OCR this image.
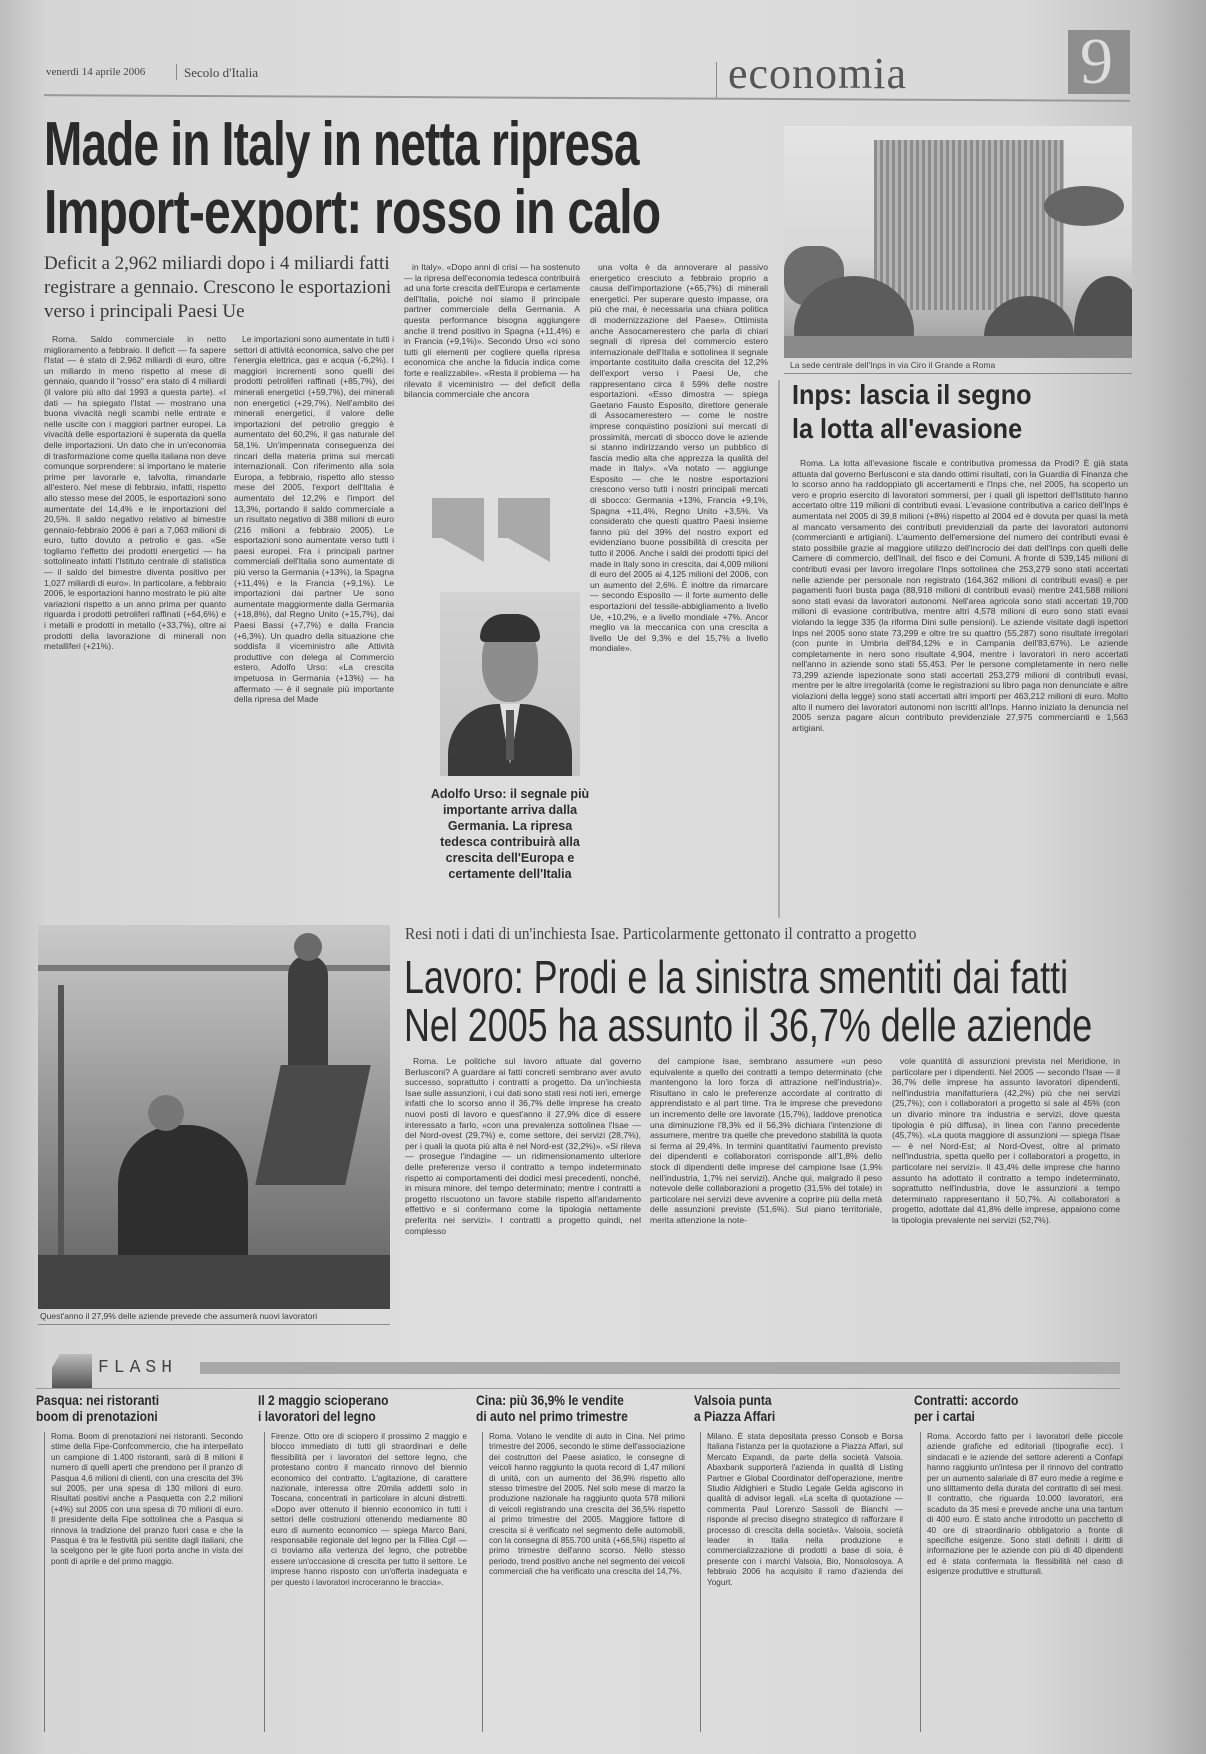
venerdì 14 aprile 2006	Secolo d'Italia	economia	9
Made in Italy in netta ripresa
Import-export: rosso in calo
Deficit a 2,962 miliardi dopo i 4 miliardi fatti registrare a gennaio. Crescono le esportazioni verso i principali Paesi Ue

Roma. Saldo commerciale in netto miglioramento a febbraio. Il deficit — fa sapere l'Istat — è stato di 2,962 miliardi di euro, oltre un miliardo in meno rispetto al mese di gennaio, quando il "rosso" era stato di 4 miliardi (il valore più alto dal 1993 a questa parte). «I dati — ha spiegato l'Istat — mostrano una buona vivacità negli scambi nelle entrate e nelle uscite con i maggiori partner europei. La vivacità delle esportazioni è superata da quella delle importazioni. Un dato che in un'economia di trasformazione come quella italiana non deve comunque sorprendere: si importano le materie prime per lavorarle e, talvolta, rimandarle all'estero. Nel mese di febbraio, infatti, rispetto allo stesso mese del 2005, le esportazioni sono aumentate del 14,4% e le importazioni del 20,5%. Il saldo negativo relativo al bimestre gennaio-febbraio 2006 è pari a 7,063 milioni di euro, tutto dovuto a petrolio e gas. «Se togliamo l'effetto dei prodotti energetici — ha sottolineato infatti l'Istituto centrale di statistica — il saldo del bimestre diventa positivo per 1,027 miliardi di euro». In particolare, a febbraio 2006, le esportazioni hanno mostrato le più alte variazioni rispetto a un anno prima per quanto riguarda i prodotti petroliferi raffinati (+64,6%) e i metalli e prodotti in metallo (+33,7%), oltre ai prodotti della lavorazione di minerali non metalliferi (+21%).

Le importazioni sono aumentate in tutti i settori di attività economica, salvo che per l'energia elettrica, gas e acqua (-6,2%). I maggiori incrementi sono quelli dei prodotti petroliferi raffinati (+85,7%), dei minerali energetici (+59,7%), dei minerali non energetici (+29,7%). Nell'ambito dei minerali energetici, il valore delle importazioni del petrolio greggio è aumentato del 60,2%, il gas naturale del 58,1%. Un'impennata conseguenza dei rincari della materia prima sui mercati internazionali. Con riferimento alla sola Europa, a febbraio, rispetto allo stesso mese del 2005, l'export dell'Italia è aumentato del 12,2% e l'import del 13,3%, portando il saldo commerciale a un risultato negativo di 388 milioni di euro (216 milioni a febbraio 2005). Le esportazioni sono aumentate verso tutti i paesi europei. Fra i principali partner commerciali dell'Italia sono aumentate di più verso la Germania (+13%), la Spagna (+11,4%) e la Francia (+9,1%). Le importazioni dai partner Ue sono aumentate maggiormente dalla Germania (+18,8%), dal Regno Unito (+15,7%), dai Paesi Bassi (+7,7%) e dalla Francia (+6,3%). Un quadro della situazione che soddisfa il viceministro alle Attività produttive con delega al Commercio estero, Adolfo Urso: «La crescita impetuosa in Germania (+13%) — ha affermato — è il segnale più importante della ripresa del Made

in Italy». «Dopo anni di crisi — ha sostenuto — la ripresa dell'economia tedesca contribuirà ad una forte crescita dell'Europa e certamente dell'Italia, poiché noi siamo il principale partner commerciale della Germania. A questa performance bisogna aggiungere anche il trend positivo in Spagna (+11,4%) e in Francia (+9,1%)». Secondo Urso «ci sono tutti gli elementi per cogliere quella ripresa economica che anche la fiducia indica come forte e realizzabile». «Resta il problema — ha rilevato il viceministro — del deficit della bilancia commerciale che ancora

una volta è da annoverare al passivo energetico cresciuto a febbraio proprio a causa dell'importazione (+65,7%) di minerali energetici. Per superare questo impasse, ora più che mai, è necessaria una chiara politica di modernizzazione del Paese». Ottimista anche Assocamerestero che parla di chiari segnali di ripresa del commercio estero internazionale dell'Italia e sottolinea il segnale importante costituito dalla crescita del 12,2% dell'export verso i Paesi Ue, che rappresentano circa il 59% delle nostre esportazioni. «Esso dimostra — spiega Gaetano Fausto Esposito, direttore generale di Assocamerestero — come le nostre imprese conquistino posizioni sui mercati di prossimità, mercati di sbocco dove le aziende si stanno indirizzando verso un pubblico di fascia medio alta che apprezza la qualità del made in Italy». «Va notato — aggiunge Esposito — che le nostre esportazioni crescono verso tutti i nostri principali mercati di sbocco: Germania +13%, Francia +9,1%, Spagna +11,4%, Regno Unito +3,5%. Va considerato che questi quattro Paesi insieme fanno più del 39% del nostro export ed evidenziano buone possibilità di crescita per tutto il 2006. Anche i saldi dei prodotti tipici del made in Italy sono in crescita, dai 4,009 milioni di euro del 2005 ai 4,125 milioni del 2006, con un aumento del 2,6%. È inoltre da rimarcare — secondo Esposito — il forte aumento delle esportazioni del tessile-abbigliamento a livello Ue, +10,2%, e a livello mondiale +7%. Ancor meglio va la meccanica con una crescita a livello Ue del 9,3% e del 15,7% a livello mondiale».

Adolfo Urso: il segnale più importante arriva dalla Germania. La ripresa tedesca contribuirà alla crescita dell'Europa e certamente dell'Italia
La sede centrale dell'Inps in via Ciro il Grande a Roma
Inps: lascia il segno
la lotta all'evasione

Roma. La lotta all'evasione fiscale e contributiva promessa da Prodi? È già stata attuata dal governo Berlusconi e sta dando ottimi risultati, con la Guardia di Finanza che lo scorso anno ha raddoppiato gli accertamenti e l'Inps che, nel 2005, ha scoperto un vero e proprio esercito di lavoratori sommersi, per i quali gli ispettori dell'Istituto hanno accertato oltre 119 milioni di contributi evasi. L'evasione contributiva a carico dell'Inps è aumentata nel 2005 di 39,8 milioni (+8%) rispetto al 2004 ed è dovuta per quasi la metà al mancato versamento dei contributi previdenziali da parte dei lavoratori autonomi (commercianti e artigiani). L'aumento dell'emersione del numero dei contributi evasi è stato possibile grazie al maggiore utilizzo dell'incrocio dei dati dell'Inps con quelli delle Camere di commercio, dell'Inail, del fisco e dei Comuni. A fronte di 539,145 milioni di contributi evasi per lavoro irregolare l'Inps sottolinea che 253,279 sono stati accertati nelle aziende per personale non registrato (164,362 milioni di contributi evasi) e per pagamenti fuori busta paga (88,918 milioni di contributi evasi) mentre 241,588 milioni sono stati evasi da lavoratori autonomi. Nell'area agricola sono stati accertati 19,700 milioni di evasione contributiva, mentre altri 4,578 milioni di euro sono stati evasi violando la legge 335 (la riforma Dini sulle pensioni). Le aziende visitate dagli ispettori Inps nel 2005 sono state 73,299 e oltre tre su quattro (55,287) sono risultate irregolari (con punte in Umbria dell'84,12% e in Campania dell'83,67%). Le aziende completamente in nero sono risultate 4,904, mentre i lavoratori in nero accertati nell'anno in aziende sono stati 55,453. Per le persone completamente in nero nelle 73,299 aziende ispezionate sono stati accertati 253,279 milioni di contributi evasi, mentre per le altre irregolarità (come le registrazioni su libro paga non denunciate e altre violazioni della legge) sono stati accertati altri importi per 463,212 milioni di euro. Molto alto il numero dei lavoratori autonomi non iscritti all'Inps. Hanno iniziato la denuncia nel 2005 senza pagare alcun contributo previdenziale 27,975 commercianti e 1,563 artigiani.

Quest'anno il 27,9% delle aziende prevede che assumerà nuovi lavoratori
Resi noti i dati di un'inchiesta Isae. Particolarmente gettonato il contratto a progetto
Lavoro: Prodi e la sinistra smentiti dai fatti
Nel 2005 ha assunto il 36,7% delle aziende

Roma. Le politiche sul lavoro attuate dal governo Berlusconi? A guardare ai fatti concreti sembrano aver avuto successo, soprattutto i contratti a progetto. Da un'inchiesta Isae sulle assunzioni, i cui dati sono stati resi noti ieri, emerge infatti che lo scorso anno il 36,7% delle imprese ha creato nuovi posti di lavoro e quest'anno il 27,9% dice di essere interessato a farlo, «con una prevalenza sottolinea l'Isae — del Nord-ovest (29,7%) e, come settore, dei servizi (28,7%), per i quali la quota più alta è nel Nord-est (32,2%)». «Si rileva — prosegue l'indagine — un ridimensionamento ulteriore delle preferenze verso il contratto a tempo indeterminato rispetto ai comportamenti dei dodici mesi precedenti, nonché, in misura minore, del tempo determinato; mentre i contratti a progetto riscuotono un favore stabile rispetto all'andamento effettivo e si confermano come la tipologia nettamente preferita nei servizi». I contratti a progetto quindi, nel complesso

del campione Isae, sembrano assumere «un peso equivalente a quello dei contratti a tempo determinato (che mantengono la loro forza di attrazione nell'industria)». Risultano in calo le preferenze accordate al contratto di apprendistato e al part time. Tra le imprese che prevedono un incremento delle ore lavorate (15,7%), laddove prenotica una diminuzione l'8,3% ed il 56,3% dichiara l'intenzione di assumere, mentre tra quelle che prevedono stabilità la quota si ferma al 29,4%. In termini quantitativi l'aumento previsto dei dipendenti e collaboratori corrisponde all'1,8% dello stock di dipendenti delle imprese del campione Isae (1,9% nell'industria, 1,7% nei servizi). Anche qui, malgrado il peso notevole delle collaborazioni a progetto (31,5% del totale) in particolare nei servizi deve avvenire a coprire più della metà delle assunzioni previste (51,6%). Sul piano territoriale, merita attenzione la note-

vole quantità di assunzioni prevista nel Meridione, in particolare per i dipendenti. Nel 2005 — secondo l'Isae — il 36,7% delle imprese ha assunto lavoratori dipendenti, nell'industria manifatturiera (42,2%) più che nei servizi (25,7%); con i collaboratori a progetto si sale al 45% (con un divario minore tra industria e servizi, dove questa tipologia è più diffusa), in linea con l'anno precedente (45,7%). «La quota maggiore di assunzioni — spiega l'Isae — è nel Nord-Est; al Nord-Ovest, oltre al primato nell'industria, spetta quello per i collaboratori a progetto, in particolare nei servizi». Il 43,4% delle imprese che hanno assunto ha adottato il contratto a tempo indeterminato, soprattutto nell'industria, dove le assunzioni a tempo determinato rappresentano il 50,7%. Ai collaboratori a progetto, adottate dal 41,8% delle imprese, appaiono come la tipologia prevalente nei servizi (52,7%).

FLASH
Pasqua: nei ristoranti
boom di prenotazioni
Roma. Boom di prenotazioni nei ristoranti. Secondo stime della Fipe-Confcommercio, che ha interpellato un campione di 1.400 ristoranti, sarà di 8 milioni il numero di quelli aperti che prendono per il pranzo di Pasqua 4,6 milioni di clienti, con una crescita del 3% sul 2005, per una spesa di 130 milioni di euro. Risultati positivi anche a Pasquetta con 2,2 milioni (+4%) sul 2005 con una spesa di 70 milioni di euro. Il presidente della Fipe sottolinea che a Pasqua si rinnova la tradizione del pranzo fuori casa e che la Pasqua è tra le festività più sentite dagli italiani, che la scelgono per le gite fuori porta anche in vista dei ponti di aprile e del primo maggio.
Il 2 maggio scioperano
i lavoratori del legno
Firenze. Otto ore di sciopero il prossimo 2 maggio e blocco immediato di tutti gli straordinari e delle flessibilità per i lavoratori del settore legno, che protestano contro il mancato rinnovo del biennio economico del contratto. L'agitazione, di carattere nazionale, interessa oltre 20mila addetti solo in Toscana, concentrati in particolare in alcuni distretti. «Dopo aver ottenuto il biennio economico in tutti i settori delle costruzioni ottenendo mediamente 80 euro di aumento economico — spiega Marco Bani, responsabile regionale del legno per la Fillea Cgil — ci troviamo alla vertenza del legno, che potrebbe essere un'occasione di crescita per tutto il settore. Le imprese hanno risposto con un'offerta inadeguata e per questo i lavoratori incroceranno le braccia».
Cina: più 36,9% le vendite
di auto nel primo trimestre
Roma. Volano le vendite di auto in Cina. Nel primo trimestre del 2006, secondo le stime dell'associazione dei costruttori del Paese asiatico, le consegne di veicoli hanno raggiunto la quota record di 1,47 milioni di unità, con un aumento del 36,9% rispetto allo stesso trimestre del 2005. Nel solo mese di marzo la produzione nazionale ha raggiunto quota 578 milioni di veicoli registrando una crescita del 36,5% rispetto al primo trimestre del 2005. Maggiore fattore di crescita si è verificato nel segmento delle automobili, con la consegna di 855.700 unità (+66,5%) rispetto al primo trimestre dell'anno scorso. Nello stesso periodo, trend positivo anche nel segmento dei veicoli commerciali che ha verificato una crescita del 14,7%.
Valsoia punta
a Piazza Affari
Milano. È stata depositata presso Consob e Borsa Italiana l'istanza per la quotazione a Piazza Affari, sul Mercato Expandi, da parte della società Valsoia. Abaxbank supporterà l'azienda in qualità di Listing Partner e Global Coordinator dell'operazione, mentre Studio Aldighieri e Studio Legale Gelda agiscono in qualità di advisor legali. «La scelta di quotazione — commenta Paul Lorenzo Sassoli de Bianchi — risponde al preciso disegno strategico di rafforzare il processo di crescita della società». Valsoia, società leader in Italia nella produzione e commercializzazione di prodotti a base di soia, è presente con i marchi Valsoia, Bio, Nonsolosoya. A febbraio 2006 ha acquisito il ramo d'azienda dei Yogurt.
Contratti: accordo
per i cartai
Roma. Accordo fatto per i lavoratori delle piccole aziende grafiche ed editoriali (tipografie ecc). I sindacati e le aziende del settore aderenti a Confapi hanno raggiunto un'intesa per il rinnovo del contratto per un aumento salariale di 87 euro medie a regime e uno slittamento della durata del contratto di sei mesi. Il contratto, che riguarda 10.000 lavoratori, era scaduto da 35 mesi e prevede anche una una tantum di 400 euro. È stato anche introdotto un pacchetto di 40 ore di straordinario obbligatorio a fronte di specifiche esigenze. Sono stati definiti i diritti di informazione per le aziende con più di 40 dipendenti ed è stata confermata la flessibilità nel caso di esigenze produttive e strutturali.
